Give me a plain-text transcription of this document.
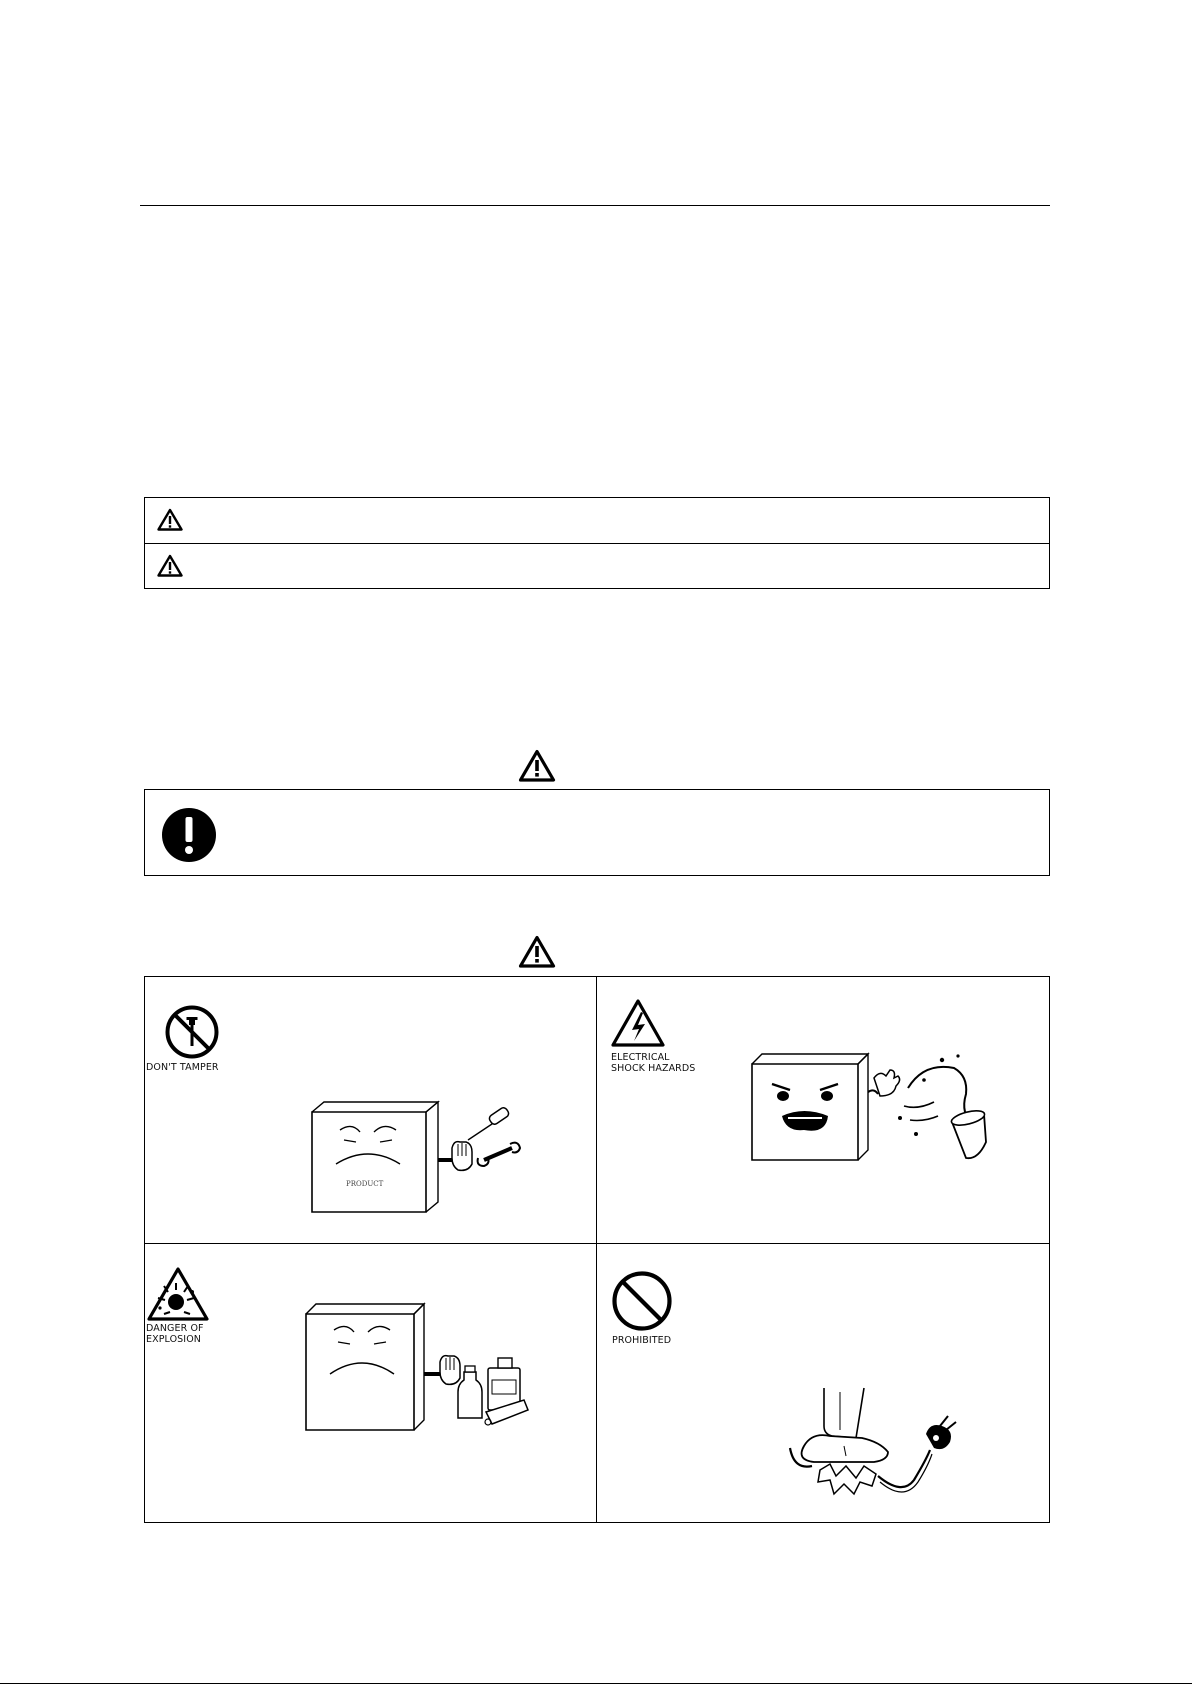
DON'T TAMPER
PRODUCT
ELECTRICAL
SHOCK HAZARDS
DANGER OF
EXPLOSION	PROHIBITED
